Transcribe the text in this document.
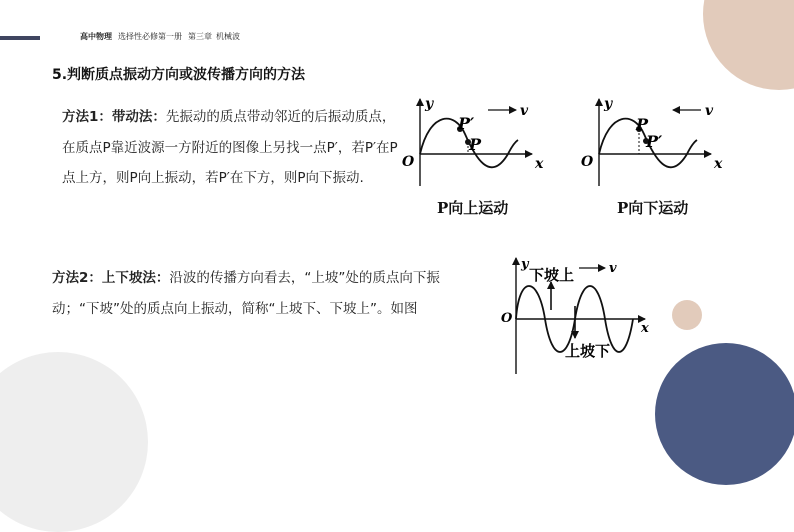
高中物理 选择性必修第一册 第三章 机械波
5.判断质点振动方向或波传播方向的方法
方法1：带动法：先振动的质点带动邻近的后振动质点，在质点P靠近波源一方附近的图像上另找一点P′，若P′在P点上方，则P向上振动，若P′在下方，则P向下振动.
方法2：上下坡法：沿波的传播方向看去，“上坡”处的质点向下振动；“下坡”处的质点向上振动，简称“上坡下、下坡上”。如图
y
x
O
v
P′
P
P向上运动
y
x
O
v
P
P′
P向下运动
y
x
O
v
下坡上
上坡下
